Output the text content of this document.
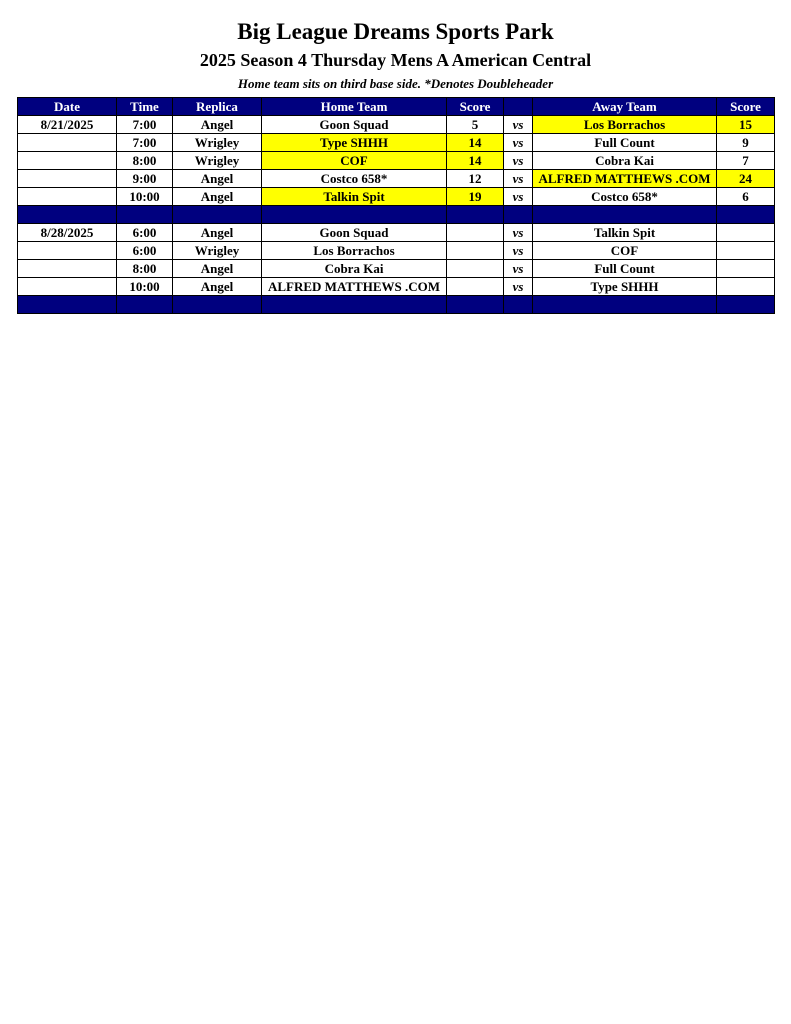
Big League Dreams Sports Park
2025 Season 4 Thursday Mens A American Central
Home team sits on third base side. *Denotes Doubleheader
Date	Time	Replica	Home Team	Score		Away Team	Score
8/21/2025	7:00	Angel	Goon Squad	5	vs	Los Borrachos	15
	7:00	Wrigley	Type SHHH	14	vs	Full Count	9
	8:00	Wrigley	COF	14	vs	Cobra Kai	7
	9:00	Angel	Costco 658*	12	vs	ALFRED MATTHEWS .COM	24
	10:00	Angel	Talkin Spit	19	vs	Costco 658*	6

8/28/2025	6:00	Angel	Goon Squad		vs	Talkin Spit	
	6:00	Wrigley	Los Borrachos		vs	COF	
	8:00	Angel	Cobra Kai		vs	Full Count	
	10:00	Angel	ALFRED MATTHEWS .COM		vs	Type SHHH	
